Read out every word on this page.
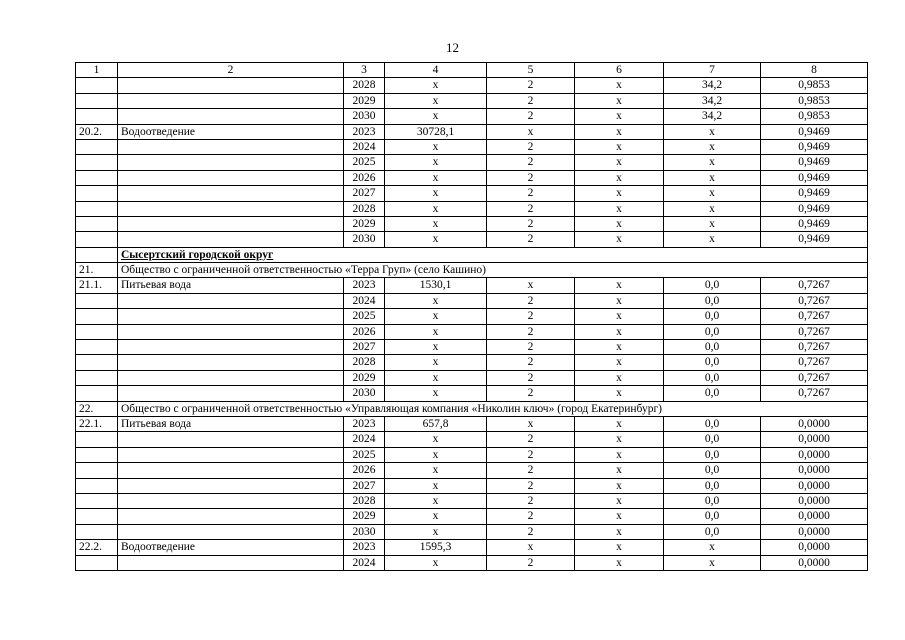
12
1	2	3	4	5	6	7	8
		2028	х	2	х	34,2	0,9853
		2029	х	2	х	34,2	0,9853
		2030	х	2	х	34,2	0,9853
20.2.	Водоотведение	2023	30728,1	х	х	х	0,9469
		2024	х	2	х	х	0,9469
		2025	х	2	х	х	0,9469
		2026	х	2	х	х	0,9469
		2027	х	2	х	х	0,9469
		2028	х	2	х	х	0,9469
		2029	х	2	х	х	0,9469
		2030	х	2	х	х	0,9469
	Сысертский городской округ						
21.	Общество с ограниченной ответственностью «Терра Груп» (село Кашино)						
21.1.	Питьевая вода	2023	1530,1	х	х	0,0	0,7267
		2024	х	2	х	0,0	0,7267
		2025	х	2	х	0,0	0,7267
		2026	х	2	х	0,0	0,7267
		2027	х	2	х	0,0	0,7267
		2028	х	2	х	0,0	0,7267
		2029	х	2	х	0,0	0,7267
		2030	х	2	х	0,0	0,7267
22.	Общество с ограниченной ответственностью «Управляющая компания «Николин ключ» (город Екатеринбург)						
22.1.	Питьевая вода	2023	657,8	х	х	0,0	0,0000
		2024	х	2	х	0,0	0,0000
		2025	х	2	х	0,0	0,0000
		2026	х	2	х	0,0	0,0000
		2027	х	2	х	0,0	0,0000
		2028	х	2	х	0,0	0,0000
		2029	х	2	х	0,0	0,0000
		2030	х	2	х	0,0	0,0000
22.2.	Водоотведение	2023	1595,3	х	х	х	0,0000
		2024	х	2	х	х	0,0000
